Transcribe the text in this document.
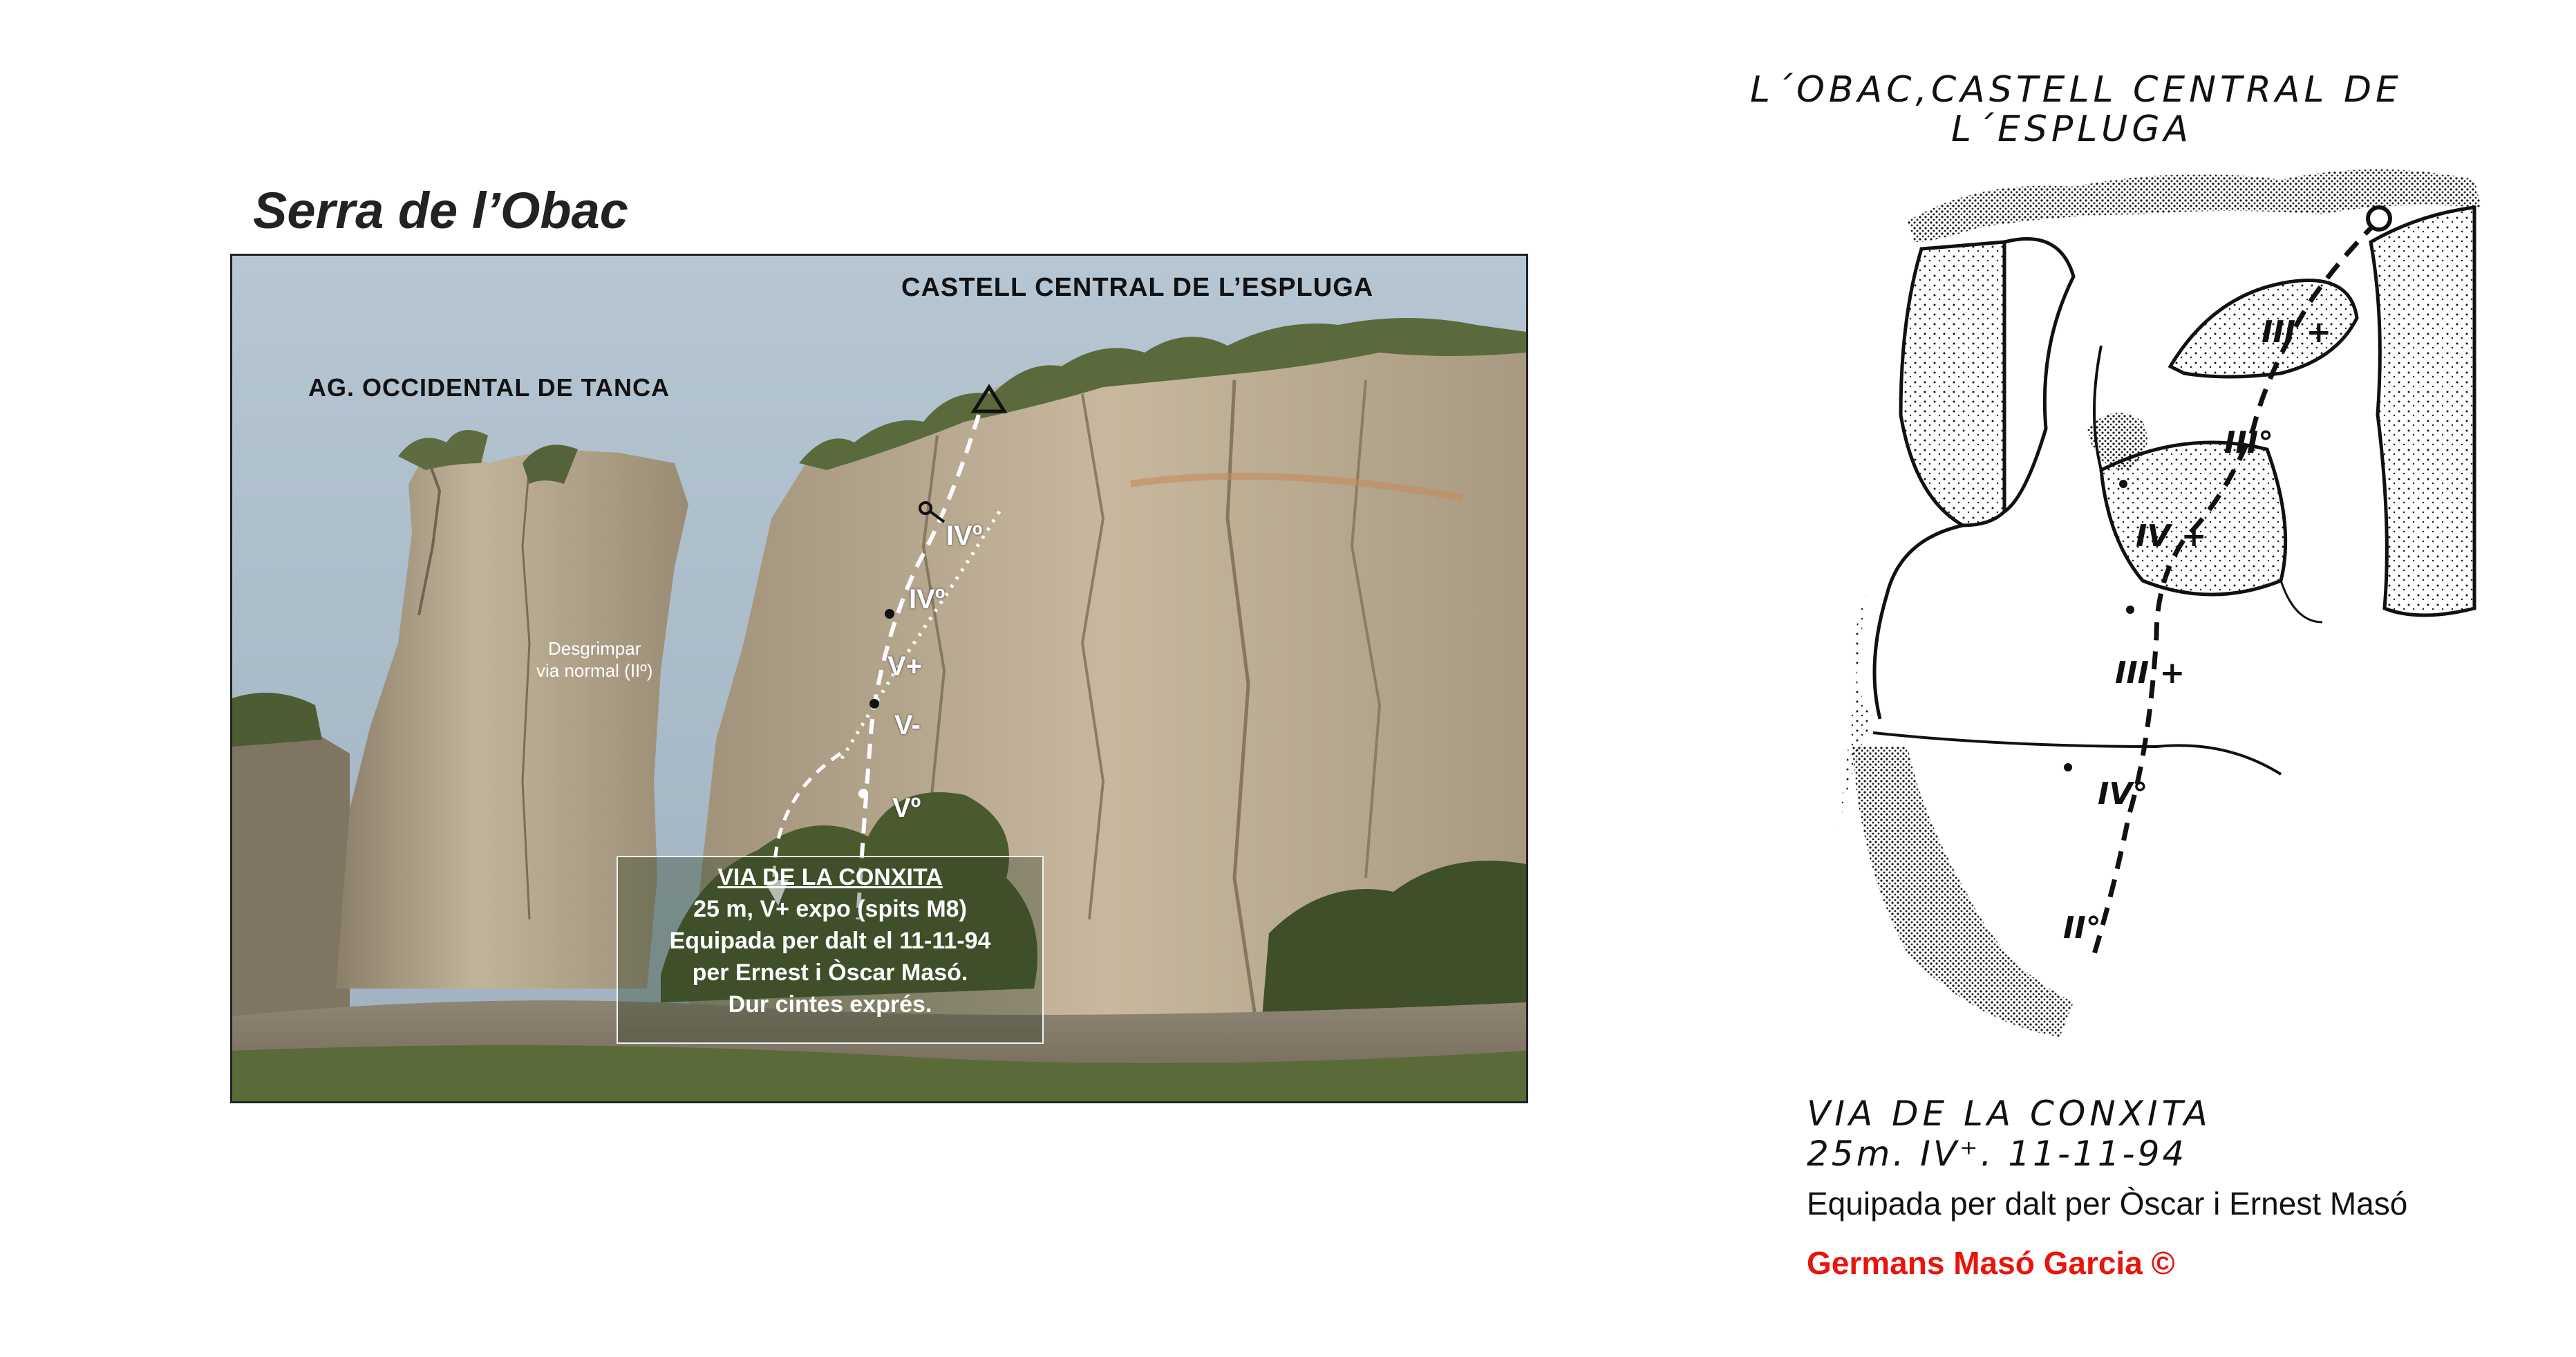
Serra de l’Obac
CASTELL CENTRAL DE L’ESPLUGA
AG. OCCIDENTAL DE TANCA
Desgrimpar
via normal (IIº)
IVº
IVº
V+
V-
Vº
VIA DE LA CONXITA
25 m, V+ expo (spits M8)
Equipada per dalt el 11-11-94
per Ernest i Òscar Masó.
Dur cintes exprés.
L´OBAC,CASTELL CENTRAL DE
L´ESPLUGA
III +
III°
IV +
III +
IV°
II°
VIA DE LA CONXITA
25m. IV⁺. 11-11-94
Equipada per dalt per Òscar i Ernest Masó
Germans Masó Garcia ©
